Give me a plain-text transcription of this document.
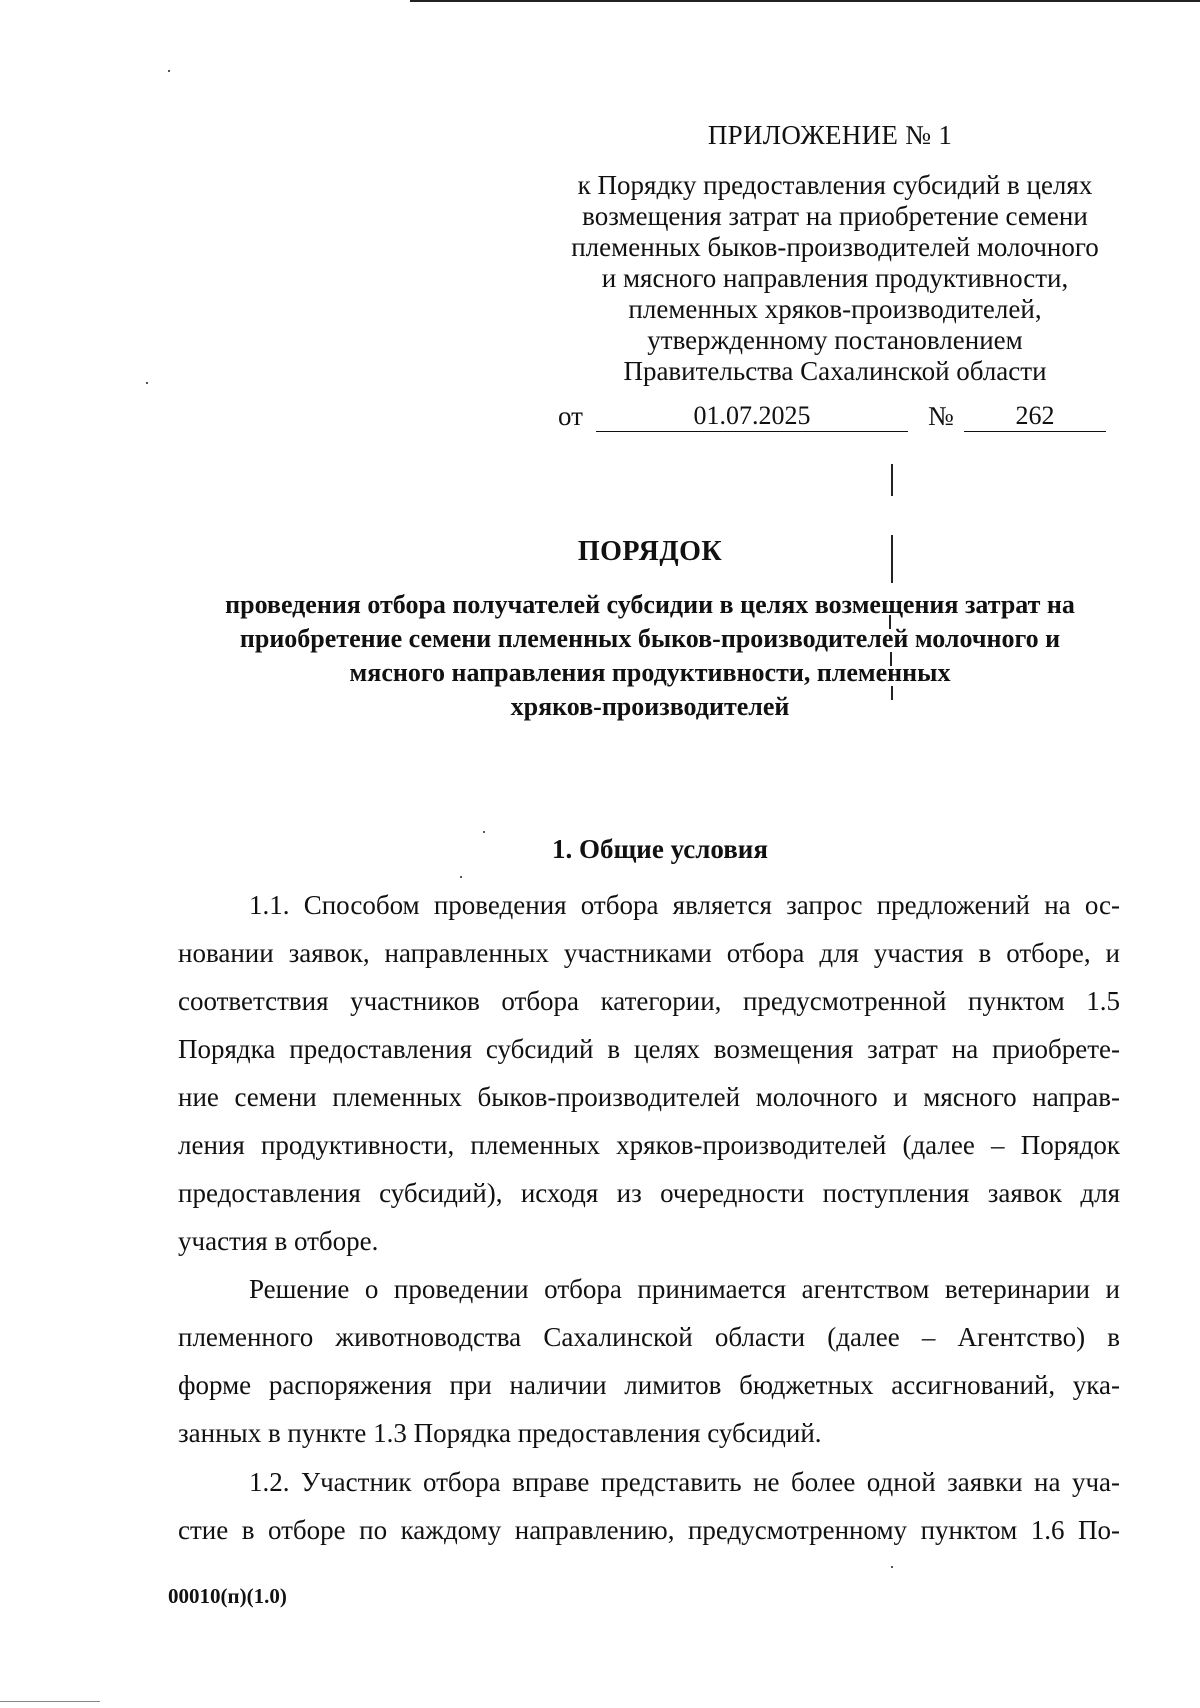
ПРИЛОЖЕНИЕ № 1
к Порядку предоставления субсидий в целях
возмещения затрат на приобретение семени
племенных быков-производителей молочного
и мясного направления продуктивности,
племенных хряков-производителей,
утвержденному постановлением
Правительства Сахалинской области
от	01.07.2025	№	262
ПОРЯДОК
проведения отбора получателей субсидии в целях возмещения затрат на
приобретение семени племенных быков-производителей молочного и
мясного направления продуктивности, племенных
хряков-производителей
1. Общие условия
1.1. Способом проведения отбора является запрос предложений на ос-
новании заявок, направленных участниками отбора для участия в отборе, и
соответствия участников отбора категории, предусмотренной пунктом 1.5
Порядка предоставления субсидий в целях возмещения затрат на приобрете-
ние семени племенных быков-производителей молочного и мясного направ-
ления продуктивности, племенных хряков-производителей (далее – Порядок
предоставления субсидий), исходя из очередности поступления заявок для
участия в отборе.
Решение о проведении отбора принимается агентством ветеринарии и
племенного животноводства Сахалинской области (далее – Агентство) в
форме распоряжения при наличии лимитов бюджетных ассигнований, ука-
занных в пункте 1.3 Порядка предоставления субсидий.
1.2. Участник отбора вправе представить не более одной заявки на уча-
стие в отборе по каждому направлению, предусмотренному пунктом 1.6 По-
00010(п)(1.0)
